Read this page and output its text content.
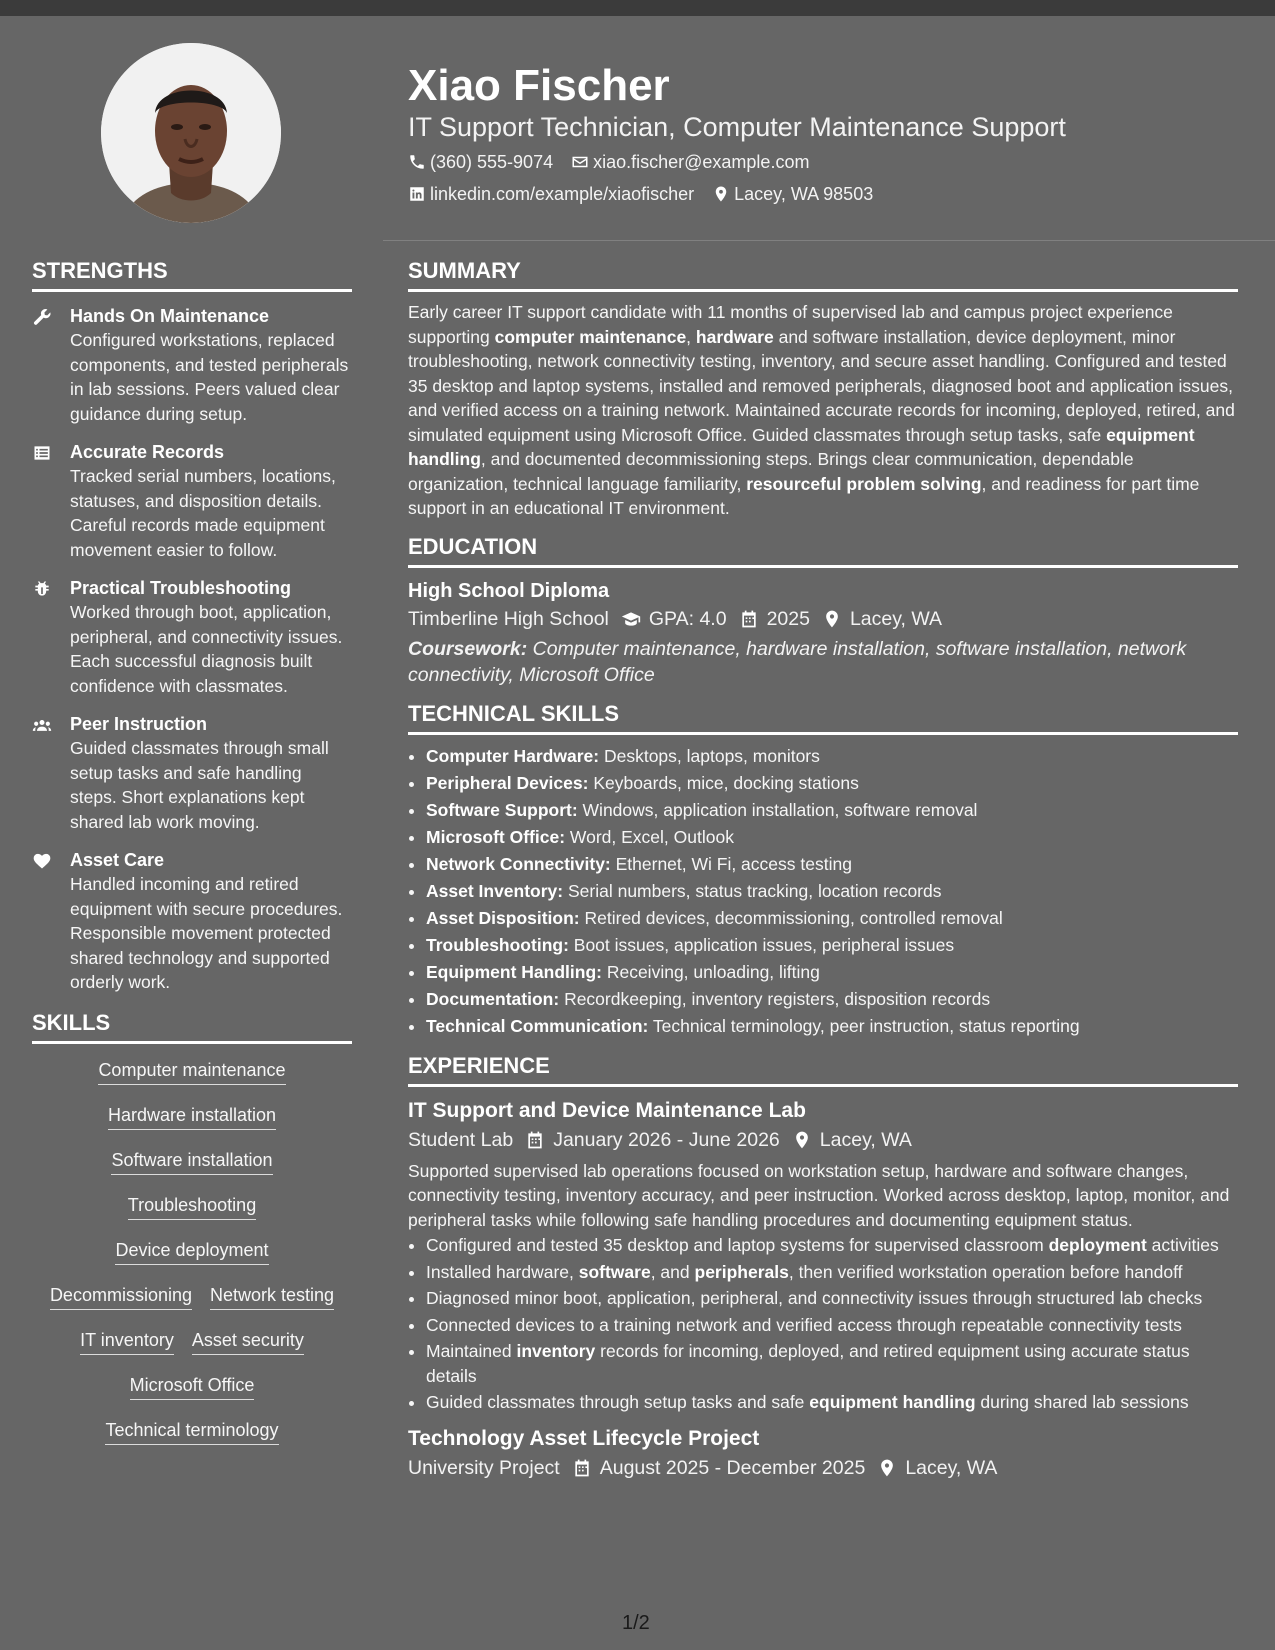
Xiao Fischer
IT Support Technician, Computer Maintenance Support
(360) 555-9074 xiao.fischer@example.com
linkedin.com/example/xiaofischer Lacey, WA 98503
STRENGTHS
Hands On Maintenance
Configured workstations, replaced components, and tested peripherals in lab sessions. Peers valued clear guidance during setup.
Accurate Records
Tracked serial numbers, locations, statuses, and disposition details. Careful records made equipment movement easier to follow.
Practical Troubleshooting
Worked through boot, application, peripheral, and connectivity issues. Each successful diagnosis built confidence with classmates.
Peer Instruction
Guided classmates through small setup tasks and safe handling steps. Short explanations kept shared lab work moving.
Asset Care
Handled incoming and retired equipment with secure procedures. Responsible movement protected shared technology and supported orderly work.
SKILLS
Computer maintenance
Hardware installation
Software installation
Troubleshooting
Device deployment
Decommissioning Network testing
IT inventory Asset security
Microsoft Office
Technical terminology
SUMMARY

Early career IT support candidate with 11 months of supervised lab and campus project experience supporting computer maintenance, hardware and software installation, device deployment, minor troubleshooting, network connectivity testing, inventory, and secure asset handling. Configured and tested 35 desktop and laptop systems, installed and removed peripherals, diagnosed boot and application issues, and verified access on a training network. Maintained accurate records for incoming, deployed, retired, and simulated equipment using Microsoft Office. Guided classmates through setup tasks, safe equipment handling, and documented decommissioning steps. Brings clear communication, dependable organization, technical language familiarity, resourceful problem solving, and readiness for part time support in an educational IT environment.

EDUCATION
High School Diploma
Timberline High School GPA: 4.0 2025 Lacey, WA
Coursework: Computer maintenance, hardware installation, software installation, network connectivity, Microsoft Office
TECHNICAL SKILLS
• Computer Hardware: Desktops, laptops, monitors
• Peripheral Devices: Keyboards, mice, docking stations
• Software Support: Windows, application installation, software removal
• Microsoft Office: Word, Excel, Outlook
• Network Connectivity: Ethernet, Wi Fi, access testing
• Asset Inventory: Serial numbers, status tracking, location records
• Asset Disposition: Retired devices, decommissioning, controlled removal
• Troubleshooting: Boot issues, application issues, peripheral issues
• Equipment Handling: Receiving, unloading, lifting
• Documentation: Recordkeeping, inventory registers, disposition records
• Technical Communication: Technical terminology, peer instruction, status reporting
EXPERIENCE
IT Support and Device Maintenance Lab
Student Lab January 2026 - June 2026 Lacey, WA

Supported supervised lab operations focused on workstation setup, hardware and software changes, connectivity testing, inventory accuracy, and peer instruction. Worked across desktop, laptop, monitor, and peripheral tasks while following safe handling procedures and documenting equipment status.

• Configured and tested 35 desktop and laptop systems for supervised classroom deployment activities
• Installed hardware, software, and peripherals, then verified workstation operation before handoff
• Diagnosed minor boot, application, peripheral, and connectivity issues through structured lab checks
• Connected devices to a training network and verified access through repeatable connectivity tests
• Maintained inventory records for incoming, deployed, and retired equipment using accurate status details
• Guided classmates through setup tasks and safe equipment handling during shared lab sessions
Technology Asset Lifecycle Project
University Project August 2025 - December 2025 Lacey, WA
1/2
